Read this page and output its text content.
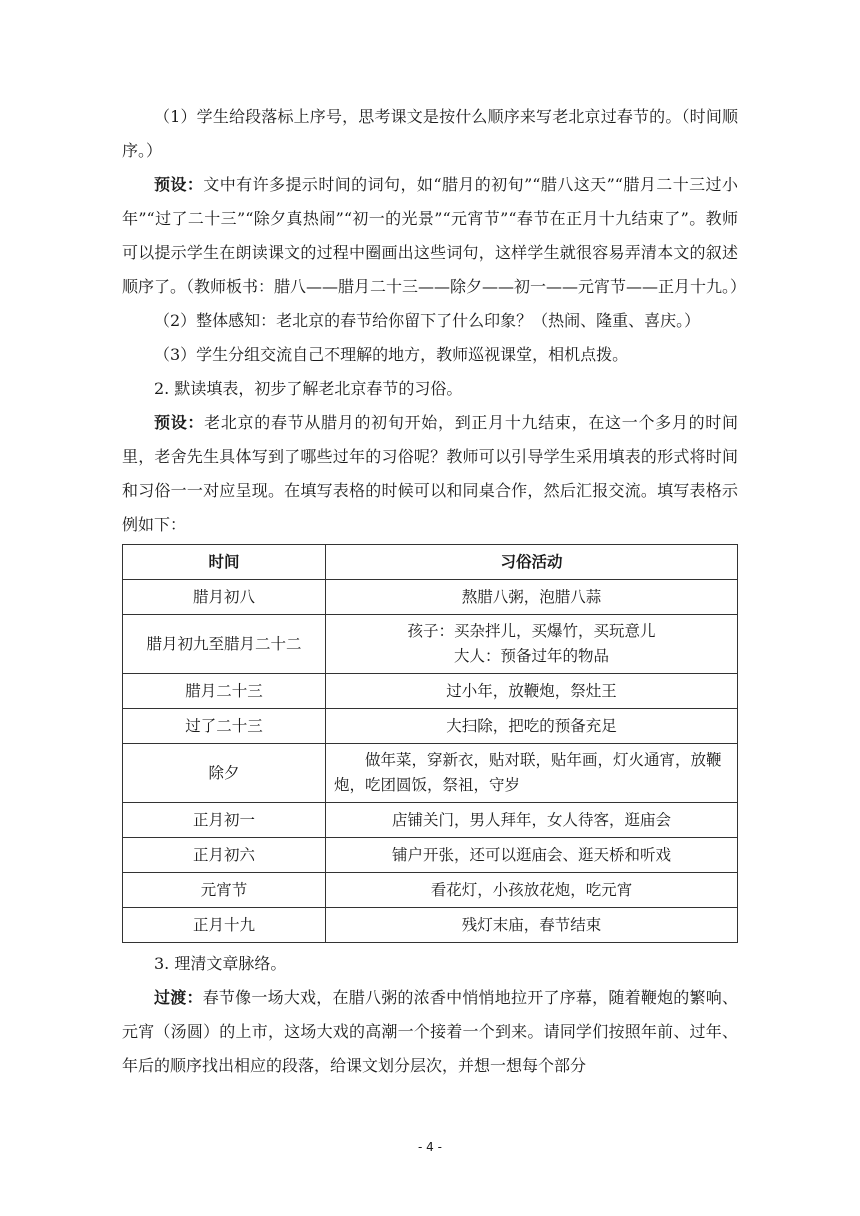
（1）学生给段落标上序号，思考课文是按什么顺序来写老北京过春节的。（时间顺序。）

预设：文中有许多提示时间的词句，如“腊月的初旬”“腊八这天”“腊月二十三过小年”“过了二十三”“除夕真热闹”“初一的光景”“元宵节”“春节在正月十九结束了”。教师可以提示学生在朗读课文的过程中圈画出这些词句，这样学生就很容易弄清本文的叙述顺序了。（教师板书：腊八——腊月二十三——除夕——初一——元宵节——正月十九。）

（2）整体感知：老北京的春节给你留下了什么印象？（热闹、隆重、喜庆。）

（3）学生分组交流自己不理解的地方，教师巡视课堂，相机点拨。

2. 默读填表，初步了解老北京春节的习俗。

预设：老北京的春节从腊月的初旬开始，到正月十九结束，在这一个多月的时间里，老舍先生具体写到了哪些过年的习俗呢？教师可以引导学生采用填表的形式将时间和习俗一一对应呈现。在填写表格的时候可以和同桌合作，然后汇报交流。填写表格示例如下：

时间	习俗活动
腊月初八	熬腊八粥，泡腊八蒜
腊月初九至腊月二十二	孩子：买杂拌儿，买爆竹，买玩意儿
大人：预备过年的物品

腊月二十三	过小年，放鞭炮，祭灶王
过了二十三	大扫除，把吃的预备充足
除夕	做年菜，穿新衣，贴对联，贴年画，灯火通宵，放鞭炮，吃团圆饭，祭祖，守岁
正月初一	店铺关门，男人拜年，女人待客，逛庙会
正月初六	铺户开张，还可以逛庙会、逛天桥和听戏
元宵节	看花灯，小孩放花炮，吃元宵
正月十九	残灯末庙，春节结束

3. 理清文章脉络。

过渡：春节像一场大戏，在腊八粥的浓香中悄悄地拉开了序幕，随着鞭炮的繁响、元宵（汤圆）的上市，这场大戏的高潮一个接着一个到来。请同学们按照年前、过年、年后的顺序找出相应的段落，给课文划分层次，并想一想每个部分

- 4 -
